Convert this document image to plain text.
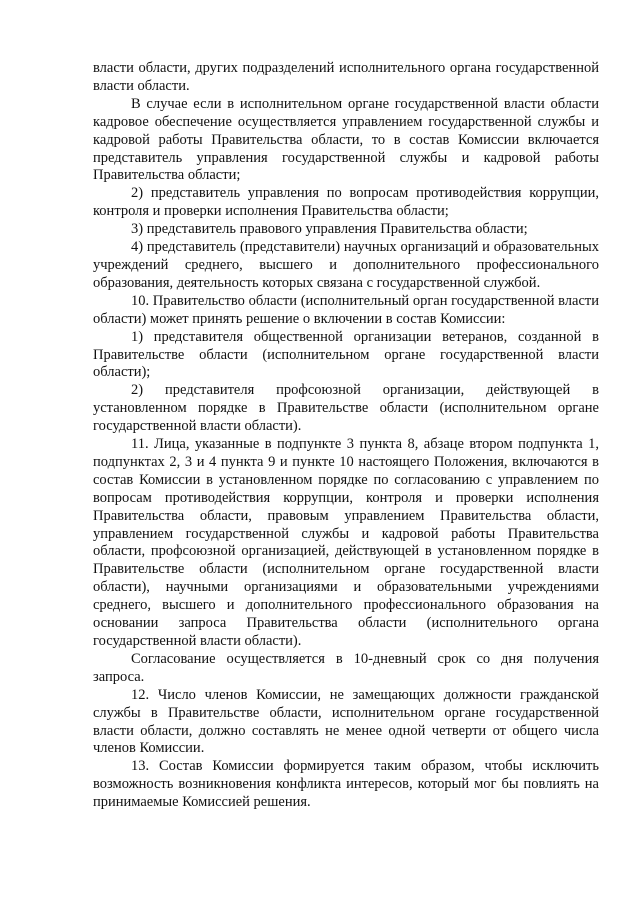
власти области, других подразделений исполнительного органа государственной власти области.

В случае если в исполнительном органе государственной власти области кадровое обеспечение осуществляется управлением государственной службы и кадровой работы Правительства области, то в состав Комиссии включается представитель управления государственной службы и кадровой работы Правительства области;

2) представитель управления по вопросам противодействия коррупции, контроля и проверки исполнения Правительства области;

3) представитель правового управления Правительства области;

4) представитель (представители) научных организаций и образовательных учреждений среднего, высшего и дополнительного профессионального образования, деятельность которых связана с государственной службой.

10. Правительство области (исполнительный орган государственной власти области) может принять решение о включении в состав Комиссии:

1) представителя общественной организации ветеранов, созданной в Правительстве области (исполнительном органе государственной власти области);

2) представителя профсоюзной организации, действующей в установленном порядке в Правительстве области (исполнительном органе государственной власти области).

11. Лица, указанные в подпункте 3 пункта 8, абзаце втором подпункта 1, подпунктах 2, 3 и 4 пункта 9 и пункте 10 настоящего Положения, включаются в состав Комиссии в установленном порядке по согласованию с управлением по вопросам противодействия коррупции, контроля и проверки исполнения Правительства области, правовым управлением Правительства области, управлением государственной службы и кадровой работы Правительства области, профсоюзной организацией, действующей в установленном порядке в Правительстве области (исполнительном органе государственной власти области), научными организациями и образовательными учреждениями среднего, высшего и дополнительного профессионального образования на основании запроса Правительства области (исполнительного органа государственной власти области).

Согласование осуществляется в 10-дневный срок со дня получения запроса.

12. Число членов Комиссии, не замещающих должности гражданской службы в Правительстве области, исполнительном органе государственной власти области, должно составлять не менее одной четверти от общего числа членов Комиссии.

13. Состав Комиссии формируется таким образом, чтобы исключить возможность возникновения конфликта интересов, который мог бы повлиять на принимаемые Комиссией решения.
